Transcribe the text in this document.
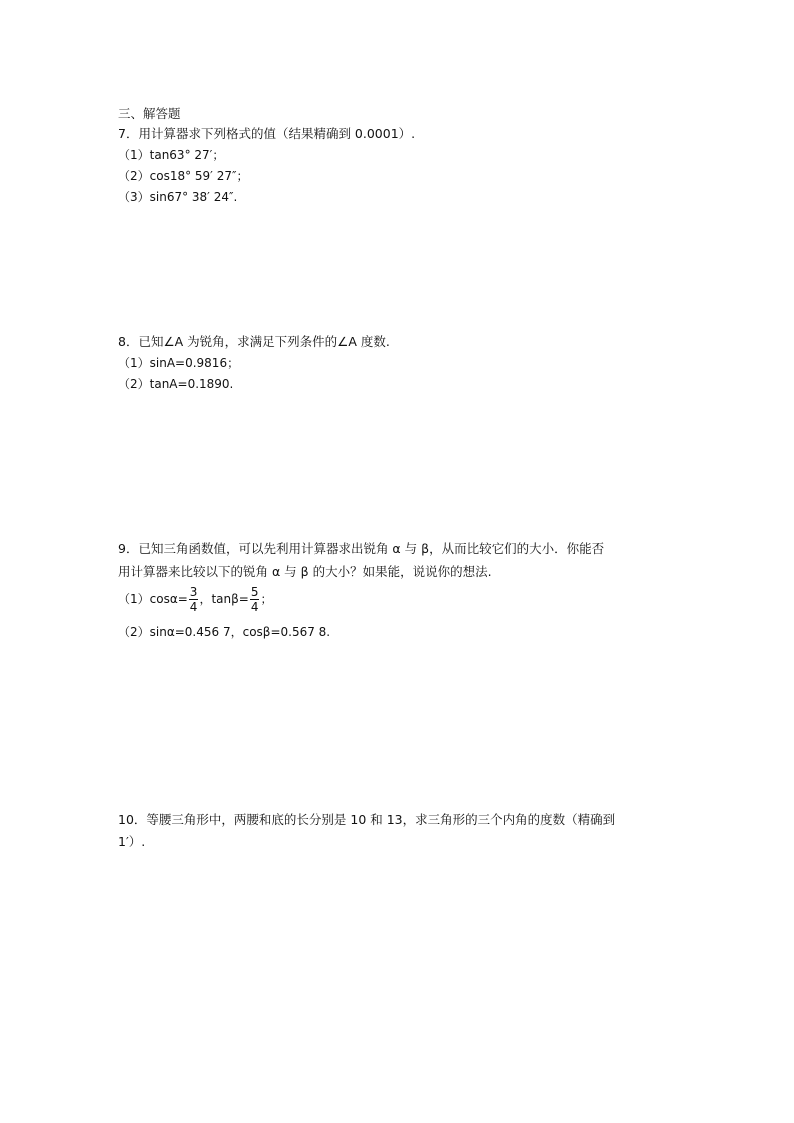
三、解答题
7．用计算器求下列格式的值（结果精确到 0.0001）.
（1）tan63° 27′；
（2）cos18° 59′ 27″；
（3）sin67° 38′ 24″.
8．已知∠A 为锐角，求满足下列条件的∠A 度数.
（1）sinA=0.9816；
（2）tanA=0.1890.
9．已知三角函数值，可以先利用计算器求出锐角 α 与 β，从而比较它们的大小．你能否
用计算器来比较以下的锐角 α 与 β 的大小？如果能，说说你的想法.
$(1)\cos\alpha= \frac{3}{4}$ ，$\tan\beta= \frac{5}{4}$ ；
（2）sinα=0.456 7，cosβ=0.567 8.
10．等腰三角形中，两腰和底的长分别是 10 和 13，求三角形的三个内角的度数（精确到
1′）.
